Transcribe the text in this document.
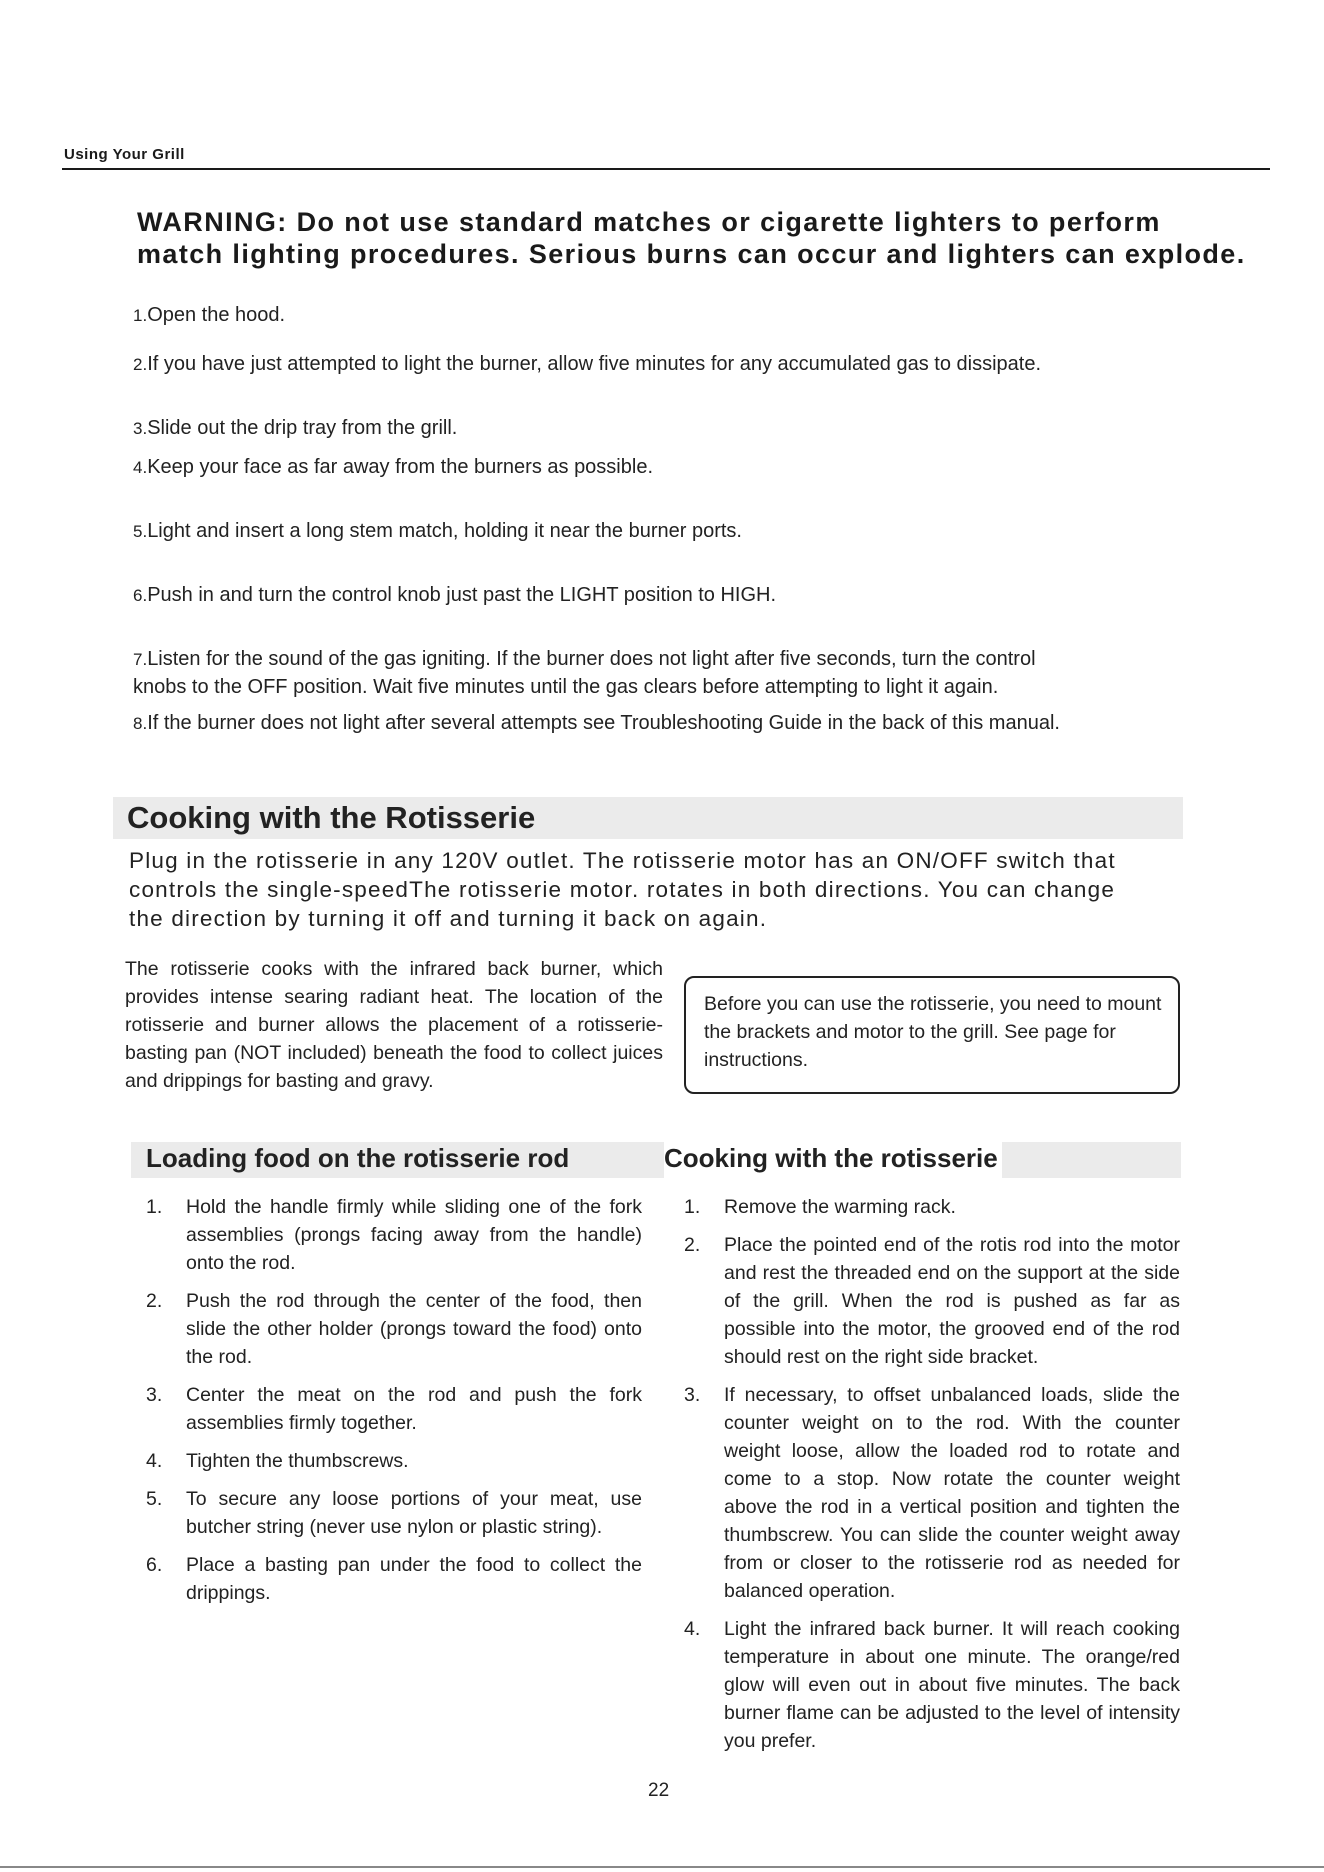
Using Your Grill
WARNING: Do not use standard matches or cigarette lighters to perform
match lighting procedures. Serious burns can occur and lighters can explode.
1.Open the hood.
2.If you have just attempted to light the burner, allow five minutes for any accumulated gas to dissipate.
3.Slide out the drip tray from the grill.
4.Keep your face as far away from the burners as possible.
5.Light and insert a long stem match, holding it near the burner ports.
6.Push in and turn the control knob just past the LIGHT position to HIGH.
7.Listen for the sound of the gas igniting. If the burner does not light after five seconds, turn the control
knobs to the OFF position. Wait five minutes until the gas clears before attempting to light it again.
8.If the burner does not light after several attempts see Troubleshooting Guide in the back of this manual.
Cooking with the Rotisserie
Plug in the rotisserie in any 120V outlet. The rotisserie motor has an ON/OFF switch that
controls the single-speedThe rotisserie motor. rotates in both directions. You can change
the direction by turning it off and turning it back on again.
The rotisserie cooks with the infrared back burner, which provides intense searing radiant heat. The location of the rotisserie and burner allows the placement of a rotisserie-basting pan (NOT included) beneath the food to collect juices and drippings for basting and gravy.
Before you can use the rotisserie, you need to mount the brackets and motor to the grill. See page for instructions.
Loading food on the rotisserie rod	Cooking with the rotisserie
1.	Hold the handle firmly while sliding one of the fork assemblies (prongs facing away from the handle) onto the rod.
2.	Push the rod through the center of the food, then slide the other holder (prongs toward the food) onto the rod.
3.	Center the meat on the rod and push the fork assemblies firmly together.
4.	Tighten the thumbscrews.
5.	To secure any loose portions of your meat, use butcher string (never use nylon or plastic string).
6.	Place a basting pan under the food to collect the drippings.
1.	Remove the warming rack.
2.	Place the pointed end of the rotis rod into the motor and rest the threaded end on the support at the side of the grill. When the rod is pushed as far as possible into the motor, the grooved end of the rod should rest on the right side bracket.
3.	If necessary, to offset unbalanced loads, slide the counter weight on to the rod. With the counter weight loose, allow the loaded rod to rotate and come to a stop. Now rotate the counter weight above the rod in a vertical position and tighten the thumbscrew. You can slide the counter weight away from or closer to the rotisserie rod as needed for balanced operation.
4.	Light the infrared back burner. It will reach cooking temperature in about one minute. The orange/red glow will even out in about five minutes. The back burner flame can be adjusted to the level of intensity you prefer.
22
